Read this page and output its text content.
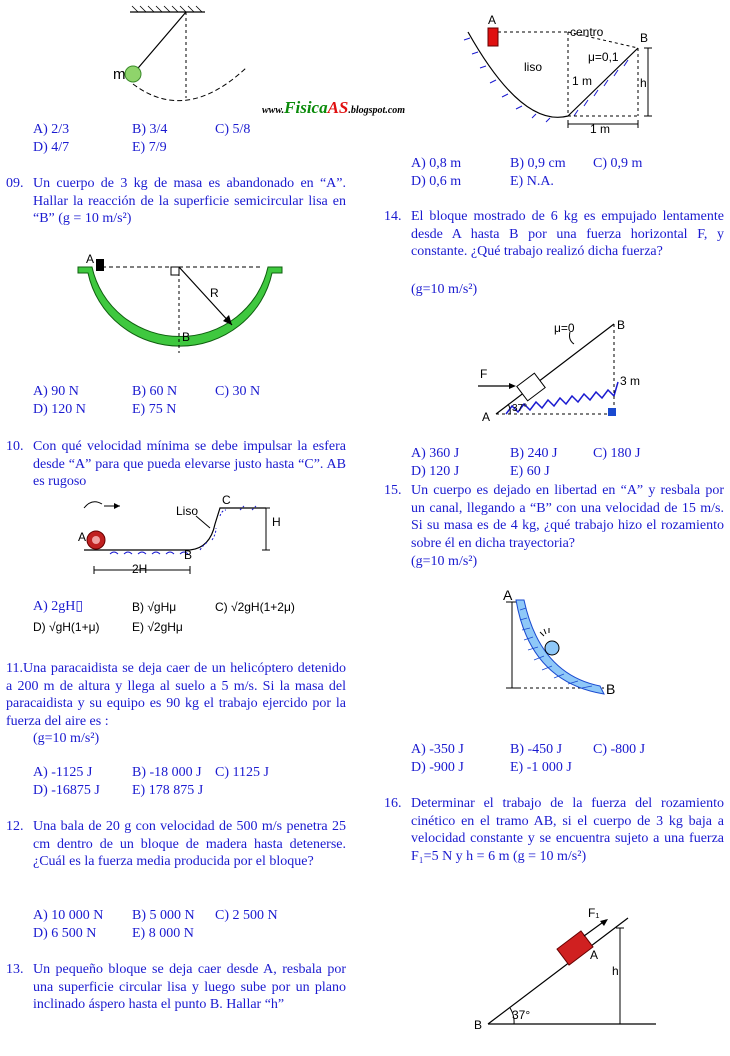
m
www.FisicaAS.blogspot.com
A) 2/3	B) 3/4	C) 5/8
D) 4/7	E) 7/9
09. Un cuerpo de 3 kg de masa es abandonado en “A”. Hallar la reacción de la superficie semicircular lisa en “B” (g = 10 m/s²)
A
R
B
A) 90 N	B) 60 N	C) 30 N
D) 120 N	E) 75 N
10. Con qué velocidad mínima se debe impulsar la esfera desde “A” para que pueda elevarse justo hasta “C”. AB es rugoso
Liso
C
H
A
B
2H
A) 2gH▯	B) √gHμ	C) √2gH(1+2μ)
D) √gH(1+μ)	E) √2gHμ
11.Una paracaidista se deja caer de un helicóptero detenido a 200 m de altura y llega al suelo a 5 m/s. Si la masa del paracaidista y su equipo es 90 kg el trabajo ejercido por la fuerza del aire es :
(g=10 m/s²)
A) -1125 J	B) -18 000 J C) 1125 J
D) -16875 J E) 178 875 J
12. Una bala de 20 g con velocidad de 500 m/s penetra 25 cm dentro de un bloque de madera hasta detenerse. ¿Cuál es la fuerza media producida por el bloque?
A) 10 000 N B) 5 000 N C) 2 500 N
D) 6 500 N	E) 8 000 N
13. Un pequeño bloque se deja caer desde A, resbala por una superficie circular lisa y luego sube por un plano inclinado áspero hasta el punto B. Hallar “h”
A
centro	B
μ=0,1
liso
1 m	h
1 m
A) 0,8 m	B) 0,9 cm C) 0,9 m
D) 0,6 m	E) N.A.
14. El bloque mostrado de 6 kg es empujado lentamente desde A hasta B por una fuerza horizontal F, y constante. ¿Qué trabajo realizó dicha fuerza?
(g=10 m/s²)
μ=0	B
F	3 m
A
37°
A) 360 J	B) 240 J	C) 180 J
D) 120 J	E) 60 J
15. Un cuerpo es dejado en libertad en “A” y resbala por un canal, llegando a “B” con una velocidad de 15 m/s. Si su masa es de 4 kg, ¿qué trabajo hizo el rozamiento sobre él en dicha trayectoria?
(g=10 m/s²)
A
B
A) -350 J	B) -450 J C) -800 J
D) -900 J	E) -1 000 J
16. Determinar el trabajo de la fuerza del rozamiento cinético en el tramo AB, si el cuerpo de 3 kg baja a velocidad constante y se encuentra sujeto a una fuerza F₁=5 N y h = 6 m (g = 10 m/s²)
F₁
A
h
B
37°
